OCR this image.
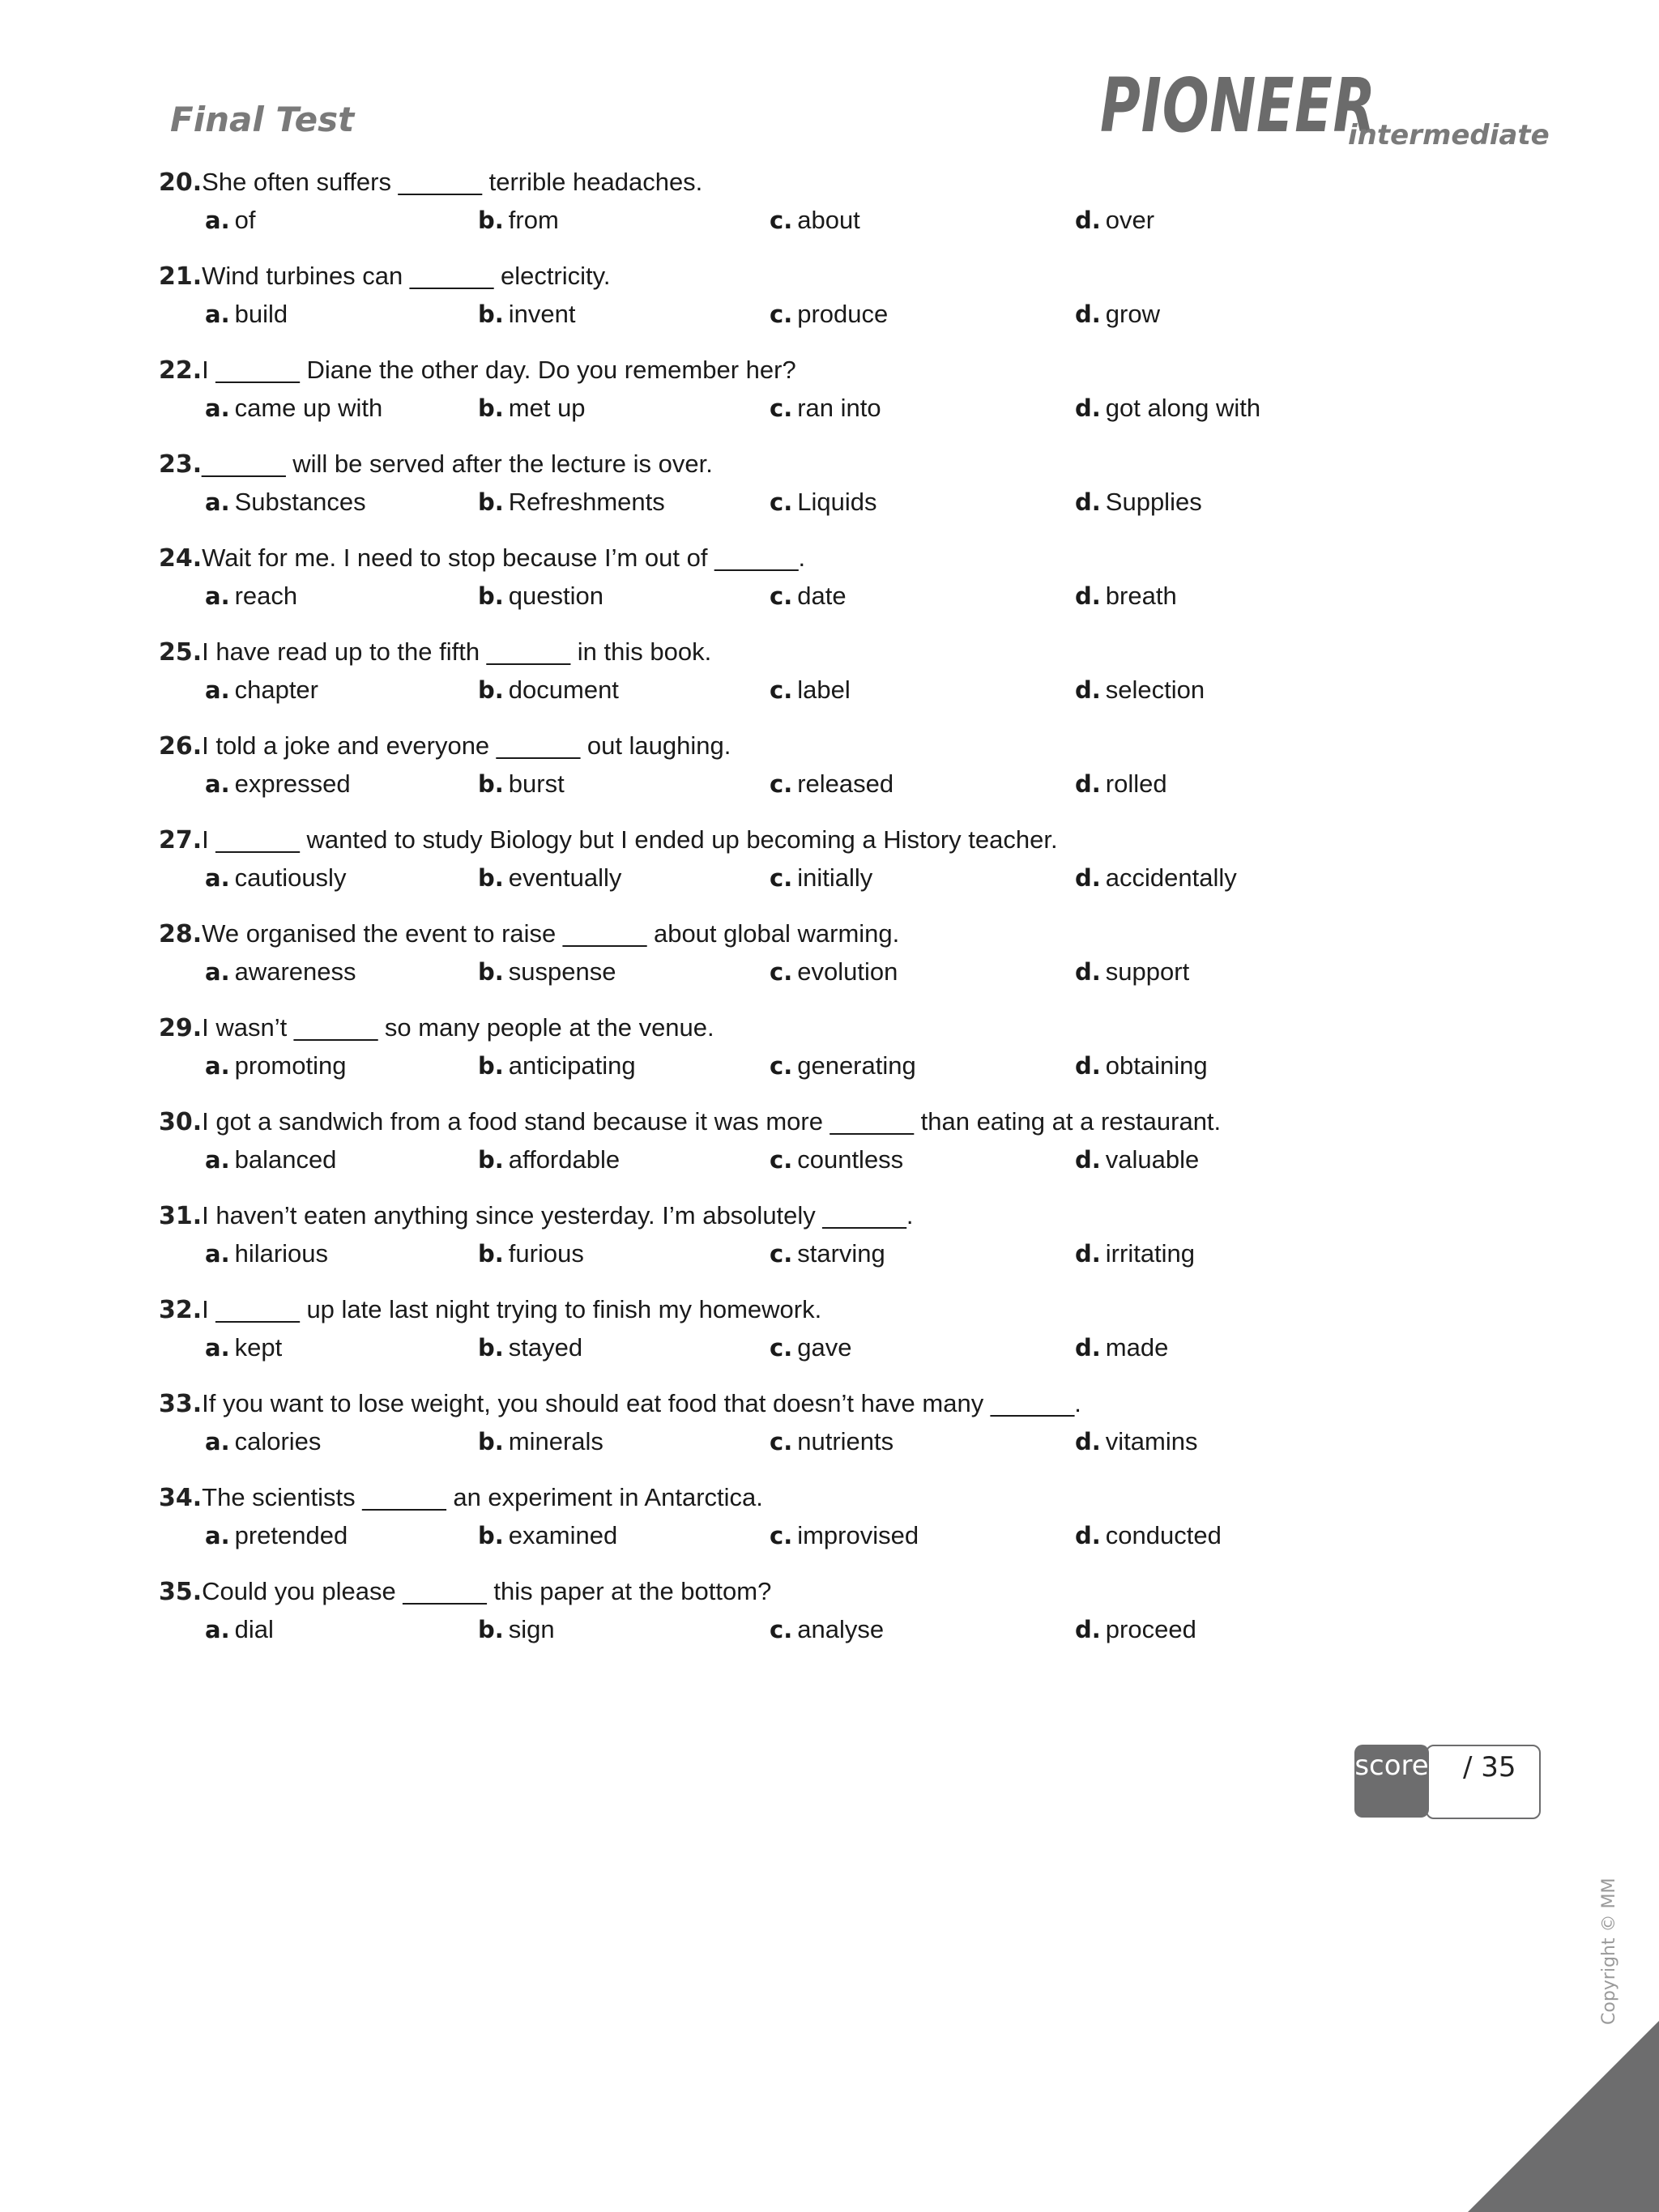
Final Test	PIONEER
intermediate
20.She often suffers ______ terrible headaches.
a. of	b. from	c. about	d. over
21.Wind turbines can ______ electricity.
a. build	b. invent	c. produce	d. grow
22.I ______ Diane the other day. Do you remember her?
a. came up with	b. met up	c. ran into	d. got along with
23.______ will be served after the lecture is over.
a. Substances	b. Refreshments	c. Liquids	d. Supplies
24.Wait for me. I need to stop because I’m out of ______.
a. reach	b. question	c. date	d. breath
25.I have read up to the fifth ______ in this book.
a. chapter	b. document	c. label	d. selection
26.I told a joke and everyone ______ out laughing.
a. expressed	b. burst	c. released	d. rolled
27.I ______ wanted to study Biology but I ended up becoming a History teacher.
a. cautiously	b. eventually	c. initially	d. accidentally
28.We organised the event to raise ______ about global warming.
a. awareness	b. suspense	c. evolution	d. support
29.I wasn’t ______ so many people at the venue.
a. promoting	b. anticipating	c. generating	d. obtaining
30.I got a sandwich from a food stand because it was more ______ than eating at a restaurant.
a. balanced	b. affordable	c. countless	d. valuable
31.I haven’t eaten anything since yesterday. I’m absolutely ______.
a. hilarious	b. furious	c. starving	d. irritating
32.I ______ up late last night trying to finish my homework.
a. kept	b. stayed	c. gave	d. made
33.If you want to lose weight, you should eat food that doesn’t have many ______.
a. calories	b. minerals	c. nutrients	d. vitamins
34.The scientists ______ an experiment in Antarctica.
a. pretended	b. examined	c. improvised	d. conducted
35.Could you please ______ this paper at the bottom?
a. dial	b. sign	c. analyse	d. proceed
/ 35
score
Copyright © MM
